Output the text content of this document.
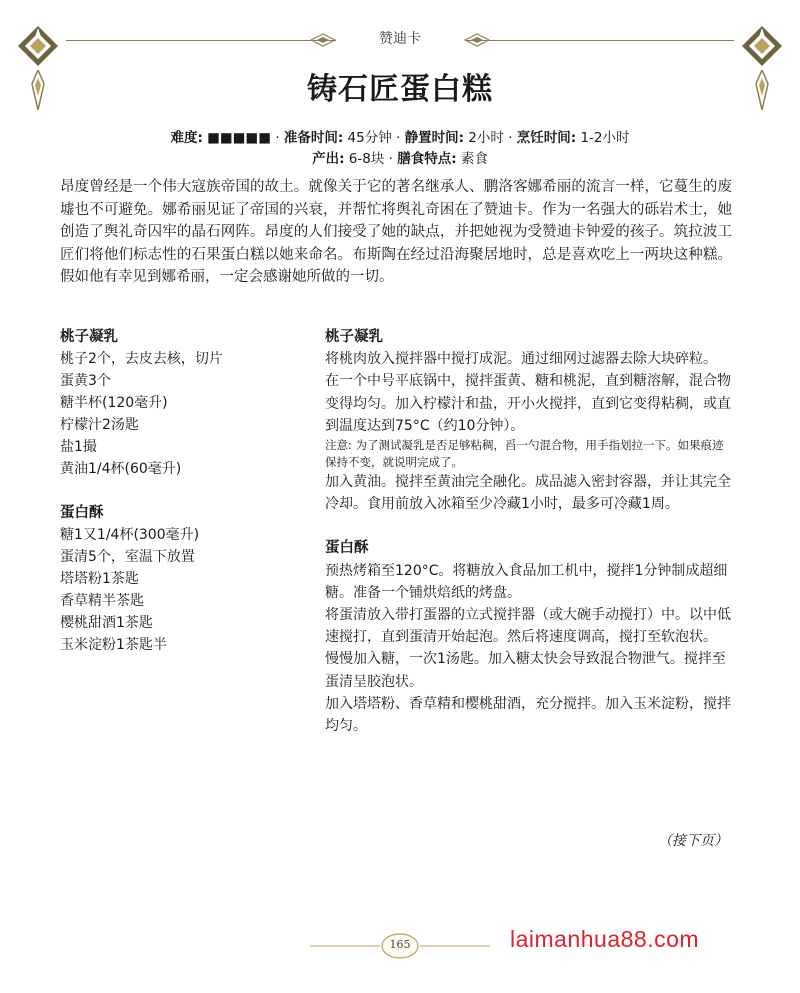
赞迪卡
铸石匠蛋白糕
难度: ■■■■■ · 准备时间: 45分钟 · 静置时间: 2小时 · 烹饪时间: 1-2小时
产出: 6-8块 · 膳食特点: 素食

昂度曾经是一个伟大寇族帝国的故土。就像关于它的著名继承人、鹏洛客娜希丽的流言一样，它蔓生的废墟也不可避免。娜希丽见证了帝国的兴衰，并帮忙将舆礼奇困在了赞迪卡。作为一名强大的砾岩术士，她创造了舆礼奇囚牢的晶石网阵。昂度的人们接受了她的缺点，并把她视为受赞迪卡钟爱的孩子。筑拉波工匠们将他们标志性的石果蛋白糕以她来命名。布斯陶在经过沿海聚居地时，总是喜欢吃上一两块这种糕。假如他有幸见到娜希丽，一定会感谢她所做的一切。

桃子凝乳

桃子2个，去皮去核，切片
蛋黄3个
糖半杯(120毫升)
柠檬汁2汤匙
盐1撮
黄油1/4杯(60毫升)

蛋白酥

糖1又1/4杯(300毫升)
蛋清5个，室温下放置
塔塔粉1茶匙
香草精半茶匙
樱桃甜酒1茶匙
玉米淀粉1茶匙半

桃子凝乳

将桃肉放入搅拌器中搅打成泥。通过细网过滤器去除大块碎粒。

在一个中号平底锅中，搅拌蛋黄、糖和桃泥，直到糖溶解，混合物变得均匀。加入柠檬汁和盐，开小火搅拌，直到它变得粘稠，或直到温度达到75°C（约10分钟）。

注意: 为了测试凝乳是否足够粘稠，舀一勺混合物，用手指划拉一下。如果痕迹保持不变，就说明完成了。

加入黄油。搅拌至黄油完全融化。成品滤入密封容器，并让其完全冷却。食用前放入冰箱至少冷藏1小时，最多可冷藏1周。

蛋白酥

预热烤箱至120°C。将糖放入食品加工机中，搅拌1分钟制成超细糖。准备一个铺烘焙纸的烤盘。

将蛋清放入带打蛋器的立式搅拌器（或大碗手动搅打）中。以中低速搅打，直到蛋清开始起泡。然后将速度调高，搅打至软泡状。

慢慢加入糖，一次1汤匙。加入糖太快会导致混合物泄气。搅拌至蛋清呈胶泡状。

加入塔塔粉、香草精和樱桃甜酒，充分搅拌。加入玉米淀粉，搅拌均匀。

（接下页）
165	laimanhua88.com
